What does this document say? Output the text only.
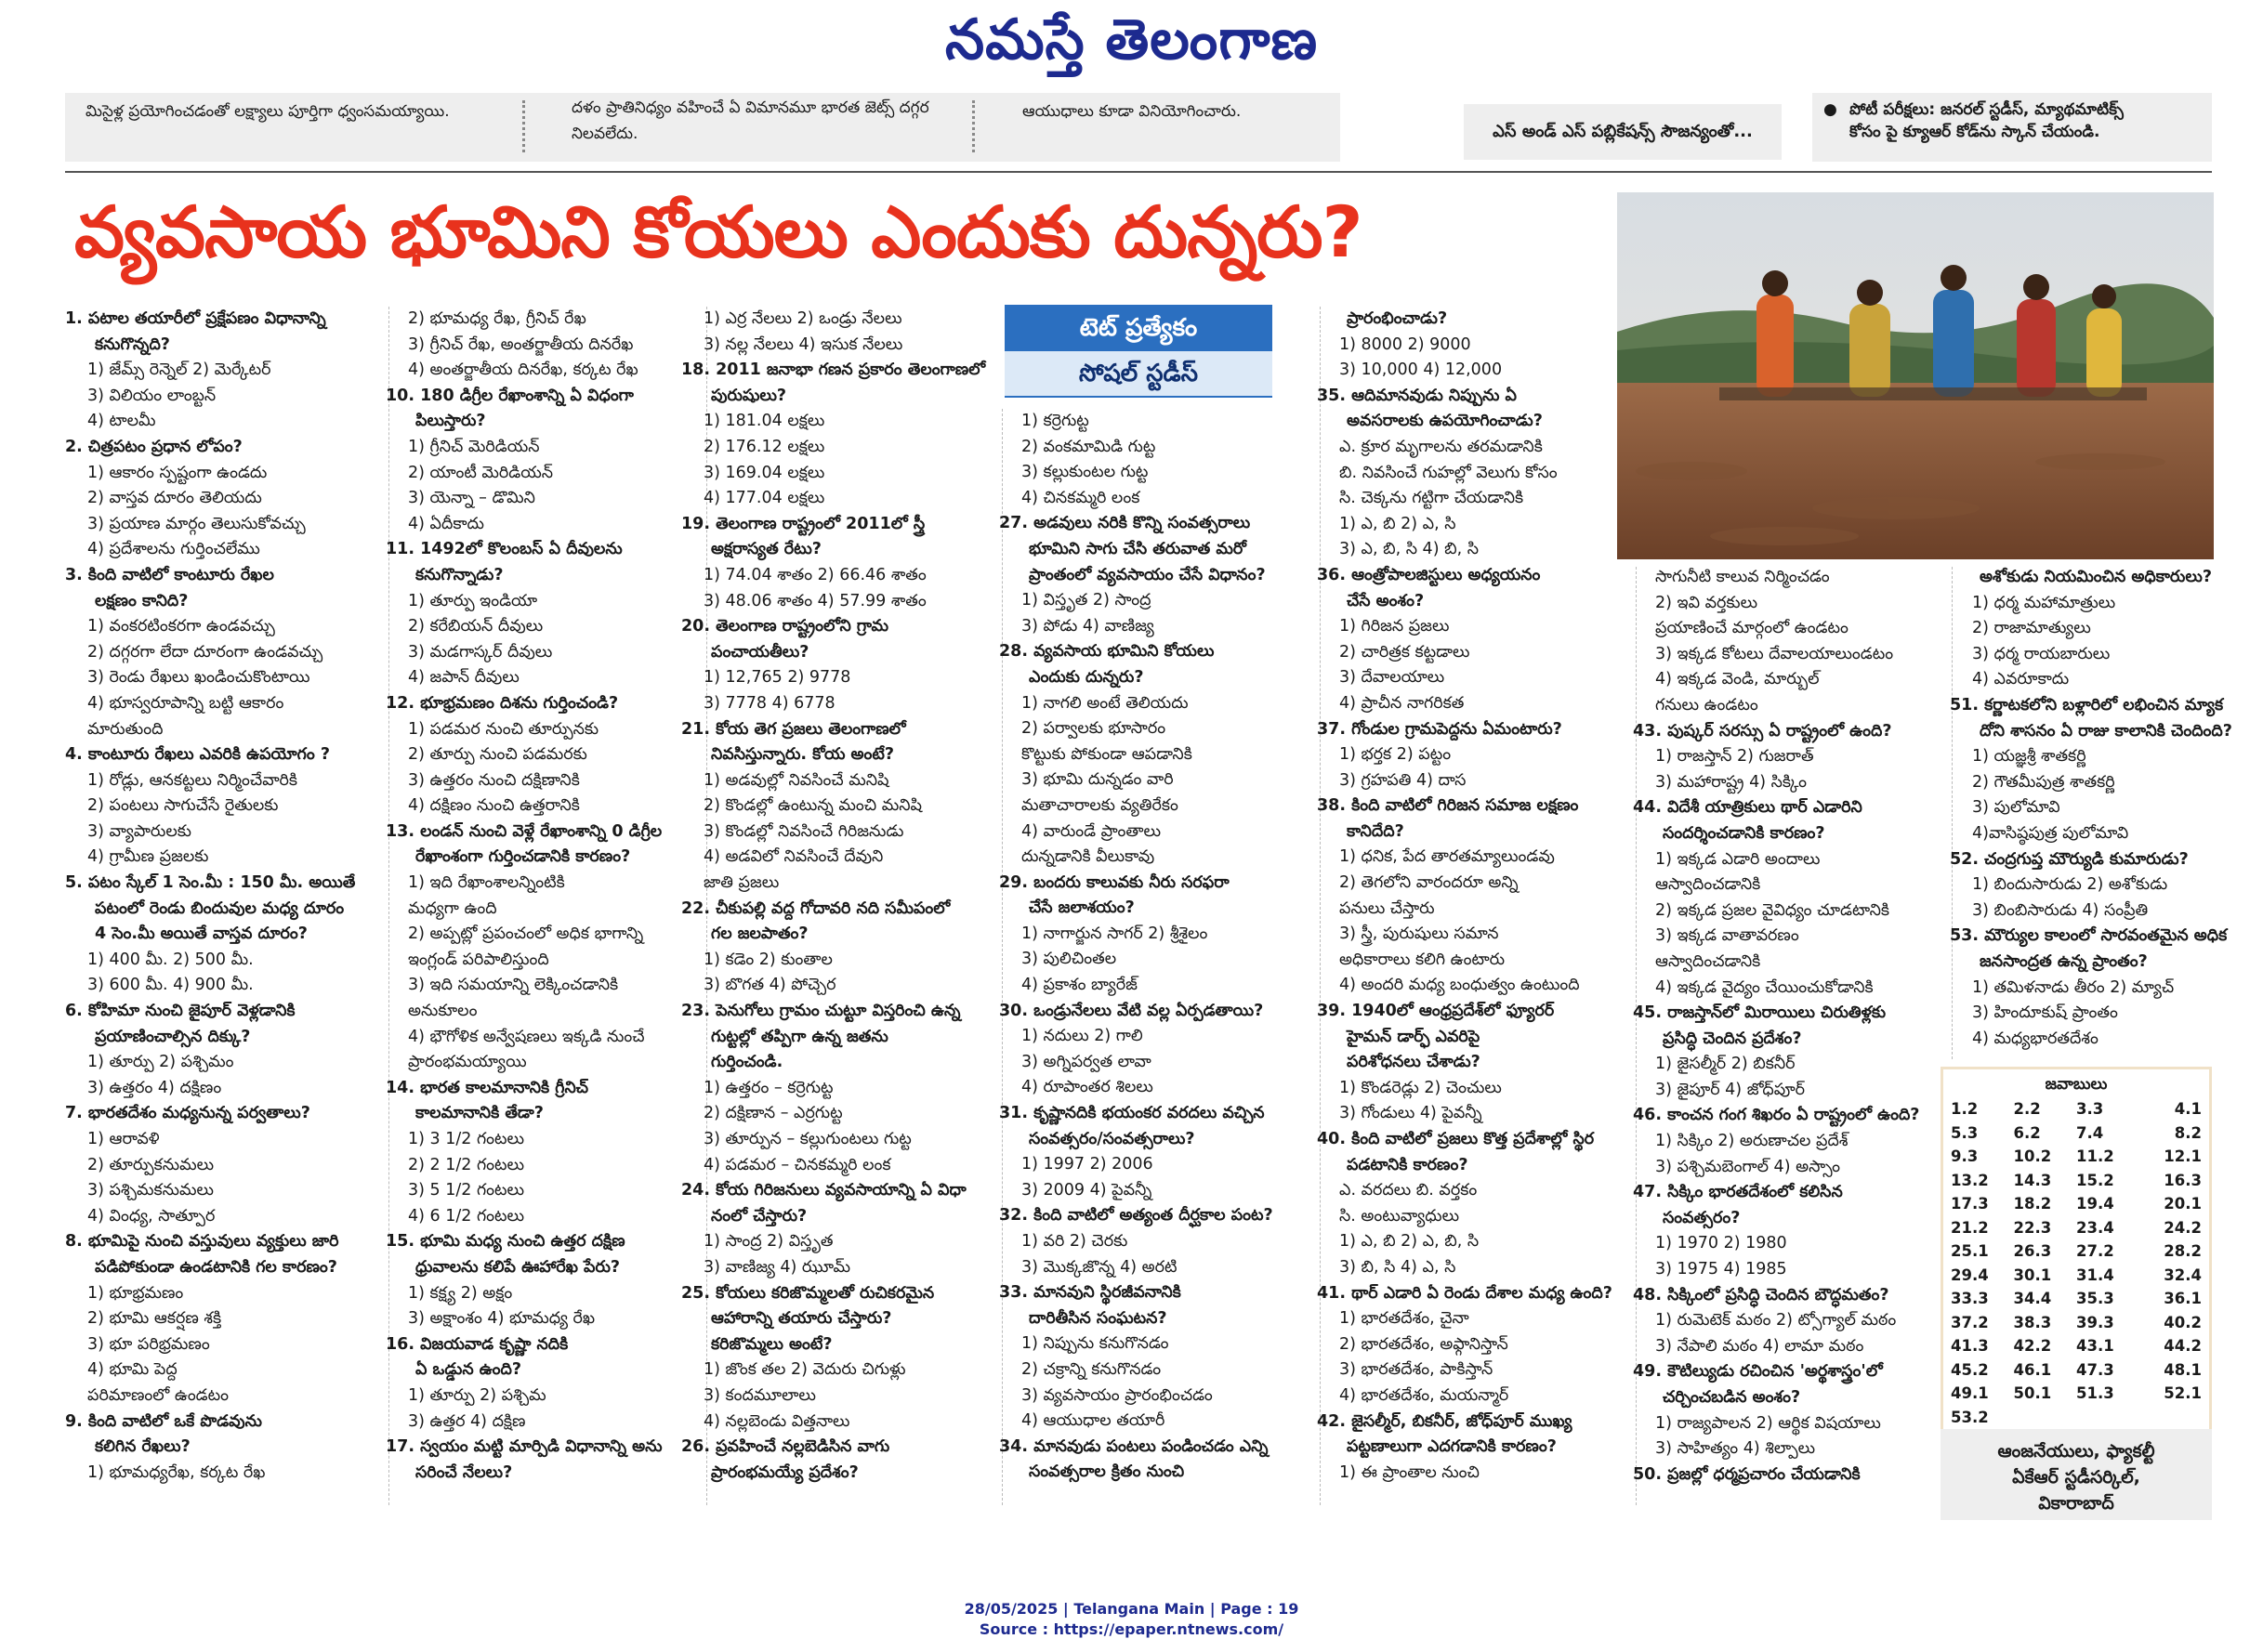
నమస్తే తెలంగాణ
మిసైళ్ల ప్రయోగించడంతో లక్ష్యాలు పూర్తిగా ధ్వంసమయ్యాయి.	దళం ప్రాతినిధ్యం వహించే ఏ విమానమూ భారత జెట్స్ దగ్గర
నిలవలేదు.
ఆయుధాలు కూడా వినియోగించారు.
ఎస్ అండ్ ఎస్ పబ్లికేషన్స్ సౌజన్యంతో...
● పోటీ పరీక్షలు: జనరల్ స్టడీస్, మ్యాథమాటిక్స్
కోసం పై క్యూఆర్ కోడ్‌ను స్కాన్ చేయండి.
వ్యవసాయ భూమిని కోయలు ఎందుకు దున్నరు?
టెట్ ప్రత్యేకం
సోషల్ స్టడీస్
1. పటాల తయారీలో ప్రక్షేపణం విధానాన్ని
కనుగొన్నది?
1) జేమ్స్ రెన్నెల్ 2) మెర్కేటర్
3) విలియం లాంబ్టన్
4) టాలమీ
2. చిత్రపటం ప్రధాన లోపం?
1) ఆకారం స్పష్టంగా ఉండదు
2) వాస్తవ దూరం తెలియదు
3) ప్రయాణ మార్గం తెలుసుకోవచ్చు
4) ప్రదేశాలను గుర్తించలేము
3. కింది వాటిలో కాంటూరు రేఖల
లక్షణం కానిది?
1) వంకరటింకరగా ఉండవచ్చు
2) దగ్గరగా లేదా దూరంగా ఉండవచ్చు
3) రెండు రేఖలు ఖండించుకొంటాయి
4) భూస్వరూపాన్ని బట్టి ఆకారం
మారుతుంది
4. కాంటూరు రేఖలు ఎవరికి ఉపయోగం ?
1) రోడ్లు, ఆనకట్టలు నిర్మించేవారికి
2) పంటలు సాగుచేసే రైతులకు
3) వ్యాపారులకు
4) గ్రామీణ ప్రజలకు
5. పటం స్కేల్ 1 సెం.మీ : 150 మీ. అయితే
పటంలో రెండు బిందువుల మధ్య దూరం
4 సెం.మీ అయితే వాస్తవ దూరం?
1) 400 మీ. 2) 500 మీ.
3) 600 మీ. 4) 900 మీ.
6. కోహిమా నుంచి జైపూర్ వెళ్లడానికి
ప్రయాణించాల్సిన దిక్కు?
1) తూర్పు 2) పశ్చిమం
3) ఉత్తరం 4) దక్షిణం
7. భారతదేశం మధ్యనున్న పర్వతాలు?
1) ఆరావళి
2) తూర్పుకనుమలు
3) పశ్చిమకనుమలు
4) వింధ్య, సాత్పూర
8. భూమిపై నుంచి వస్తువులు వ్యక్తులు జారి
పడిపోకుండా ఉండటానికి గల కారణం?
1) భూభ్రమణం
2) భూమి ఆకర్షణ శక్తి
3) భూ పరిభ్రమణం
4) భూమి పెద్ద
పరిమాణంలో ఉండటం
9. కింది వాటిలో ఒకే పొడవును
కలిగిన రేఖలు?
1) భూమధ్యరేఖ, కర్కట రేఖ
2) భూమధ్య రేఖ, గ్రీనిచ్ రేఖ
3) గ్రీనిచ్ రేఖ, అంతర్జాతీయ దినరేఖ
4) అంతర్జాతీయ దినరేఖ, కర్కట రేఖ
10. 180 డిగ్రీల రేఖాంశాన్ని ఏ విధంగా
పిలుస్తారు?
1) గ్రీనిచ్ మెరిడియన్
2) యాంటీ మెరిడియన్
3) యెన్నా – డొమిని
4) ఏదీకాదు
11. 1492లో కొలంబస్ ఏ దీవులను
కనుగొన్నాడు?
1) తూర్పు ఇండియా
2) కరేబియన్ దీవులు
3) మడగాస్కర్ దీవులు
4) జపాన్ దీవులు
12. భూభ్రమణం దిశను గుర్తించండి?
1) పడమర నుంచి తూర్పునకు
2) తూర్పు నుంచి పడమరకు
3) ఉత్తరం నుంచి దక్షిణానికి
4) దక్షిణం నుంచి ఉత్తరానికి
13. లండన్ నుంచి వెళ్లే రేఖాంశాన్ని 0 డిగ్రీల
రేఖాంశంగా గుర్తించడానికి కారణం?
1) ఇది రేఖాంశాలన్నింటికి
మధ్యగా ఉంది
2) అప్పట్లో ప్రపంచంలో అధిక భాగాన్ని
ఇంగ్లండ్ పరిపాలిస్తుంది
3) ఇది సమయాన్ని లెక్కించడానికి
అనుకూలం
4) భౌగోళిక అన్వేషణలు ఇక్కడి నుంచే
ప్రారంభమయ్యాయి
14. భారత కాలమానానికి గ్రీనిచ్
కాలమానానికి తేడా?
1) 3 1/2 గంటలు
2) 2 1/2 గంటలు
3) 5 1/2 గంటలు
4) 6 1/2 గంటలు
15. భూమి మధ్య నుంచి ఉత్తర దక్షిణ
ధ్రువాలను కలిపే ఊహారేఖ పేరు?
1) కక్ష్య 2) అక్షం
3) అక్షాంశం 4) భూమధ్య రేఖ
16. విజయవాడ కృష్ణా నదికి
ఏ ఒడ్డున ఉంది?
1) తూర్పు 2) పశ్చిమ
3) ఉత్తర 4) దక్షిణ
17. స్వయం మట్టి మార్పిడి విధానాన్ని అను
సరించే నేలలు?
1) ఎర్ర నేలలు 2) ఒండ్రు నేలలు
3) నల్ల నేలలు 4) ఇసుక నేలలు
18. 2011 జనాభా గణన ప్రకారం తెలంగాణలో
పురుషులు?
1) 181.04 లక్షలు
2) 176.12 లక్షలు
3) 169.04 లక్షలు
4) 177.04 లక్షలు
19. తెలంగాణ రాష్ట్రంలో 2011లో స్త్రీ
అక్షరాస్యత రేటు?
1) 74.04 శాతం 2) 66.46 శాతం
3) 48.06 శాతం 4) 57.99 శాతం
20. తెలంగాణ రాష్ట్రంలోని గ్రామ
పంచాయతీలు?
1) 12,765 2) 9778
3) 7778 4) 6778
21. కోయ తెగ ప్రజలు తెలంగాణలో
నివసిస్తున్నారు. కోయ అంటే?
1) అడవుల్లో నివసించే మనిషి
2) కొండల్లో ఉంటున్న మంచి మనిషి
3) కొండల్లో నివసించే గిరిజనుడు
4) అడవిలో నివసించే దేవుని
జాతి ప్రజలు
22. చీకుపల్లి వద్ద గోదావరి నది సమీపంలో
గల జలపాతం?
1) కడెం 2) కుంతాల
3) బొగత 4) పోచ్చెర
23. పెనుగోలు గ్రామం చుట్టూ విస్తరించి ఉన్న
గుట్టల్లో తప్పిగా ఉన్న జతను
గుర్తించండి.
1) ఉత్తరం – కర్రెగుట్ట
2) దక్షిణాన – ఎర్రగుట్ట
3) తూర్పున – కల్లుగుంటలు గుట్ట
4) పడమర – చినకమ్మరి లంక
24. కోయ గిరిజనులు వ్యవసాయాన్ని ఏ విధా
నంలో చేస్తారు?
1) సాంద్ర 2) విస్తృత
3) వాణిజ్య 4) ఝూమ్
25. కోయలు కరిజొమ్మలతో రుచికరమైన
ఆహారాన్ని తయారు చేస్తారు?
కరిజొమ్మలు అంటే?
1) జొంక తల 2) వెదురు చిగుళ్లు
3) కందమూలాలు
4) నల్లబెండు విత్తనాలు
26. ప్రవహించే నల్లబెడిసిన వాగు
ప్రారంభమయ్యే ప్రదేశం?
1) కర్రెగుట్ట
2) వంకమామిడి గుట్ట
3) కల్లుకుంటల గుట్ట
4) చినకమ్మరి లంక
27. అడవులు నరికి కొన్ని సంవత్సరాలు
భూమిని సాగు చేసి తరువాత మరో
ప్రాంతంలో వ్యవసాయం చేసే విధానం?
1) విస్తృత 2) సాంద్ర
3) పోడు 4) వాణిజ్య
28. వ్యవసాయ భూమిని కోయలు
ఎందుకు దున్నరు?
1) నాగలి అంటే తెలియదు
2) పర్వాలకు భూసారం
కొట్టుకు పోకుండా ఆపడానికి
3) భూమి దున్నడం వారి
మతాచారాలకు వ్యతిరేకం
4) వారుండే ప్రాంతాలు
దున్నడానికి వీలుకావు
29. బందరు కాలువకు నీరు సరఫరా
చేసే జలాశయం?
1) నాగార్జున సాగర్ 2) శ్రీశైలం
3) పులిచింతల
4) ప్రకాశం బ్యారేజ్
30. ఒండ్రునేలలు వేటి వల్ల ఏర్పడతాయి?
1) నదులు 2) గాలి
3) అగ్నిపర్వత లావా
4) రూపాంతర శిలలు
31. కృష్ణానదికి భయంకర వరదలు వచ్చిన
సంవత్సరం/సంవత్సరాలు?
1) 1997 2) 2006
3) 2009 4) పైవన్నీ
32. కింది వాటిలో అత్యంత దీర్ఘకాల పంట?
1) వరి 2) చెరకు
3) మొక్కజొన్న 4) అరటి
33. మానవుని స్థిరజీవనానికి
దారితీసిన సంఘటన?
1) నిప్పును కనుగొనడం
2) చక్రాన్ని కనుగొనడం
3) వ్యవసాయం ప్రారంభించడం
4) ఆయుధాల తయారీ
34. మానవుడు పంటలు పండించడం ఎన్ని
సంవత్సరాల క్రితం నుంచి
ప్రారంభించాడు?
1) 8000 2) 9000
3) 10,000 4) 12,000
35. ఆదిమానవుడు నిప్పును ఏ
అవసరాలకు ఉపయోగించాడు?
ఎ. క్రూర మృగాలను తరమడానికి
బి. నివసించే గుహల్లో వెలుగు కోసం
సి. చెక్కను గట్టిగా చేయడానికి
1) ఎ, బి 2) ఎ, సి
3) ఎ, బి, సి 4) బి, సి
36. ఆంత్రోపాలజిస్టులు అధ్యయనం
చేసే అంశం?
1) గిరిజన ప్రజలు
2) చారిత్రక కట్టడాలు
3) దేవాలయాలు
4) ప్రాచీన నాగరికత
37. గోండుల గ్రామపెద్దను ఏమంటారు?
1) భర్తక 2) పట్టం
3) గ్రహపతి 4) దాస
38. కింది వాటిలో గిరిజన సమాజ లక్షణం
కానిదేది?
1) ధనిక, పేద తారతమ్యాలుండవు
2) తెగలోని వారందరూ అన్ని
పనులు చేస్తారు
3) స్త్రీ, పురుషులు సమాన
అధికారాలు కలిగి ఉంటారు
4) అందరి మధ్య బంధుత్వం ఉంటుంది
39. 1940లో ఆంధ్రప్రదేశ్‌లో ఫ్యూరర్
హైమన్ డార్ఫ్ ఎవరిపై
పరిశోధనలు చేశాడు?
1) కొండరెడ్లు 2) చెంచులు
3) గోండులు 4) పైవన్నీ
40. కింది వాటిలో ప్రజలు కొత్త ప్రదేశాల్లో స్థిర
పడటానికి కారణం?
ఎ. వరదలు బి. వర్తకం
సి. అంటువ్యాధులు
1) ఎ, బి 2) ఎ, బి, సి
3) బి, సి 4) ఎ, సి
41. థార్ ఎడారి ఏ రెండు దేశాల మధ్య ఉంది?
1) భారతదేశం, చైనా
2) భారతదేశం, అఫ్గానిస్తాన్
3) భారతదేశం, పాకిస్తాన్
4) భారతదేశం, మయన్మార్
42. జైసల్మీర్, బికనీర్, జోధ్‌పూర్ ముఖ్య
పట్టణాలుగా ఎదగడానికి కారణం?
1) ఈ ప్రాంతాల నుంచి
సాగునీటి కాలువ నిర్మించడం
2) ఇవి వర్తకులు
ప్రయాణించే మార్గంలో ఉండటం
3) ఇక్కడ కోటలు దేవాలయాలుండటం
4) ఇక్కడ వెండి, మార్బుల్
గనులు ఉండటం
43. పుష్కర్ సరస్సు ఏ రాష్ట్రంలో ఉంది?
1) రాజస్తాన్ 2) గుజరాత్
3) మహారాష్ట్ర 4) సిక్కిం
44. విదేశీ యాత్రికులు థార్ ఎడారిని
సందర్శించడానికి కారణం?
1) ఇక్కడ ఎడారి అందాలు
ఆస్వాదించడానికి
2) ఇక్కడ ప్రజల వైవిధ్యం చూడటానికి
3) ఇక్కడ వాతావరణం
ఆస్వాదించడానికి
4) ఇక్కడ వైద్యం చేయించుకోడానికి
45. రాజస్తాన్‌లో మిరాయిలు చిరుతిళ్లకు
ప్రసిద్ధి చెందిన ప్రదేశం?
1) జైసల్మీర్ 2) బికనీర్
3) జైపూర్ 4) జోధ్‌పూర్
46. కాంచన గంగ శిఖరం ఏ రాష్ట్రంలో ఉంది?
1) సిక్కిం 2) అరుణాచల ప్రదేశ్
3) పశ్చిమబెంగాల్ 4) అస్సాం
47. సిక్కిం భారతదేశంలో కలిసిన
సంవత్సరం?
1) 1970 2) 1980
3) 1975 4) 1985
48. సిక్కింలో ప్రసిద్ధి చెందిన బౌద్ధమతం?
1) రుమెటెక్ మఠం 2) ట్సోగ్యాల్ మఠం
3) నేపాలి మఠం 4) లామా మఠం
49. కౌటిల్యుడు రచించిన 'అర్థశాస్త్రం'లో
చర్చించబడిన అంశం?
1) రాజ్యపాలన 2) ఆర్థిక విషయాలు
3) సాహిత్యం 4) శిల్పాలు
50. ప్రజల్లో ధర్మప్రచారం చేయడానికి
అశోకుడు నియమించిన అధికారులు?
1) ధర్మ మహామాత్రులు
2) రాజామాత్యులు
3) ధర్మ రాయబారులు
4) ఎవరూకాదు
51. కర్ణాటకలోని బళ్లారిలో లభించిన మ్యాక
దోని శాసనం ఏ రాజు కాలానికి చెందింది?
1) యజ్ఞశ్రీ శాతకర్ణి
2) గౌతమీపుత్ర శాతకర్ణి
3) పులోమావి
4)వాసిష్ఠపుత్ర పులోమావి
52. చంద్రగుప్త మౌర్యుడి కుమారుడు?
1) బిందుసారుడు 2) అశోకుడు
3) బింబిసారుడు 4) సంప్రీతి
53. మౌర్యుల కాలంలో సారవంతమైన అధిక
జనసాంద్రత ఉన్న ప్రాంతం?
1) తమిళనాడు తీరం 2) మ్యాచ్
3) హిందూకుష్ ప్రాంతం
4) మధ్యభారతదేశం
జవాబులు
1.2	2.2	3.3	4.1
5.3	6.2	7.4	8.2
9.3	10.2	11.2	12.1
13.2	14.3	15.2	16.3
17.3	18.2	19.4	20.1
21.2	22.3	23.4	24.2
25.1	26.3	27.2	28.2
29.4	30.1	31.4	32.4
33.3	34.4	35.3	36.1
37.2	38.3	39.3	40.2
41.3	42.2	43.1	44.2
45.2	46.1	47.3	48.1
49.1	50.1	51.3	52.1
53.2
ఆంజనేయులు, ఫ్యాకల్టీ
ఏకేఆర్ స్టడీసర్కిల్,
వికారాబాద్
28/05/2025 | Telangana Main | Page : 19
Source : https://epaper.ntnews.com/
